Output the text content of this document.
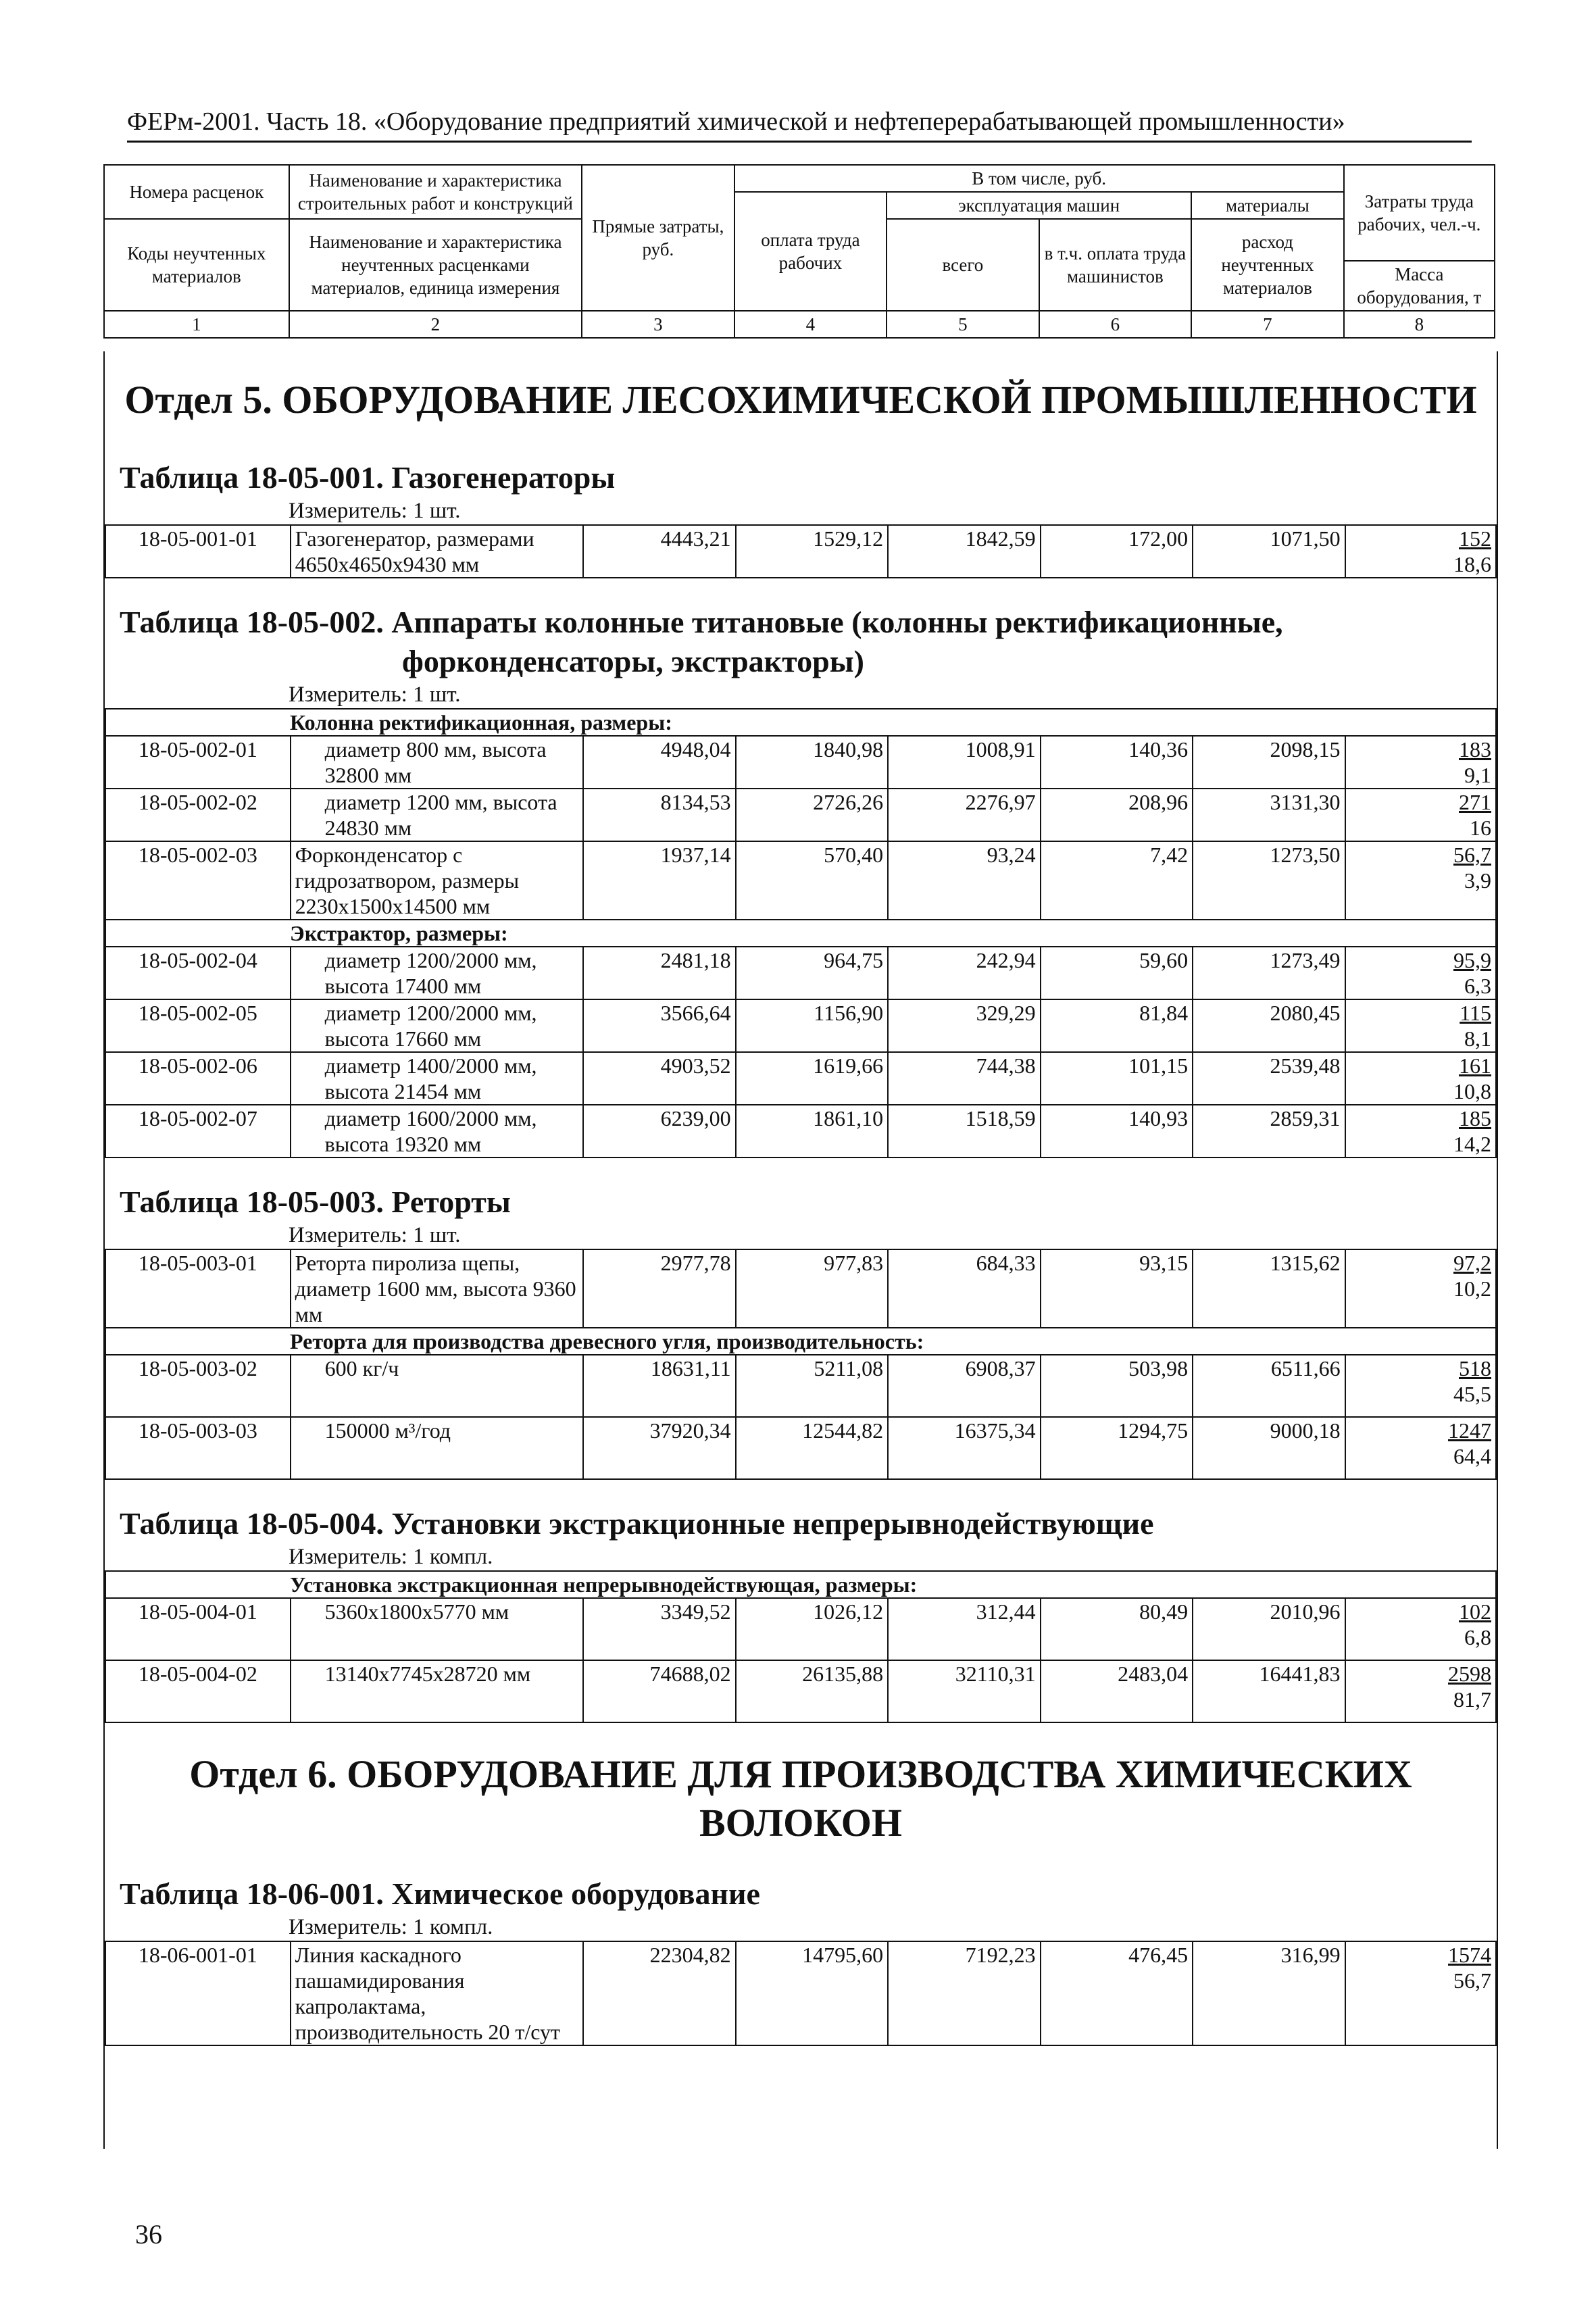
ФЕРм-2001. Часть 18. «Оборудование предприятий химической и нефтеперерабатывающей промышленности»
Номера расценок	Наименование и характеристика строительных работ и конструкций	Прямые затраты, руб.	В том числе, руб.				Затраты труда рабочих, чел.-ч.
			оплата труда рабочих	эксплуатация машин		материалы	
Коды неучтенных материалов	Наименование и характеристика неучтенных расценками материалов, единица измерения			всего	в т.ч. оплата труда машинистов	расход неучтенных материалов	
							Масса оборудования, т
1	2	3	4	5	6	7	8

Отдел 5. ОБОРУДОВАНИЕ ЛЕСОХИМИЧЕСКОЙ ПРОМЫШЛЕННОСТИ

Таблица 18-05-001. Газогенераторы

Измеритель: 1 шт.

18-05-001-01	Газогенератор, размерами 4650х4650х9430 мм	4443,21	1529,12	1842,59	172,00	1071,50	152
18,6

Таблица 18-05-002. Аппараты колонные титановые (колонны ректификационные,
форконденсаторы, экстракторы)

Измеритель: 1 шт.

Колонна ректификационная, размеры:							
18-05-002-01	диаметр 800 мм, высота 32800 мм	4948,04	1840,98	1008,91	140,36	2098,15	183
9,1

18-05-002-02	диаметр 1200 мм, высота 24830 мм	8134,53	2726,26	2276,97	208,96	3131,30	271
16

18-05-002-03	Форконденсатор с гидрозатвором, размеры 2230х1500х14500 мм	1937,14	570,40	93,24	7,42	1273,50	56,7
3,9

Экстрактор, размеры:							
18-05-002-04	диаметр 1200/2000 мм, высота 17400 мм	2481,18	964,75	242,94	59,60	1273,49	95,9
6,3

18-05-002-05	диаметр 1200/2000 мм, высота 17660 мм	3566,64	1156,90	329,29	81,84	2080,45	115
8,1

18-05-002-06	диаметр 1400/2000 мм, высота 21454 мм	4903,52	1619,66	744,38	101,15	2539,48	161
10,8

18-05-002-07	диаметр 1600/2000 мм, высота 19320 мм	6239,00	1861,10	1518,59	140,93	2859,31	185
14,2

Таблица 18-05-003. Реторты

Измеритель: 1 шт.

18-05-003-01	Реторта пиролиза щепы, диаметр 1600 мм, высота 9360 мм	2977,78	977,83	684,33	93,15	1315,62	97,2
10,2

Реторта для производства древесного угля, производительность:							
18-05-003-02	600 кг/ч	18631,11	5211,08	6908,37	503,98	6511,66	518
45,5

18-05-003-03	150000 м³/год	37920,34	12544,82	16375,34	1294,75	9000,18	1247
64,4

Таблица 18-05-004. Установки экстракционные непрерывнодействующие

Измеритель: 1 компл.

Установка экстракционная непрерывнодействующая, размеры:							
18-05-004-01	5360х1800х5770 мм	3349,52	1026,12	312,44	80,49	2010,96	102
6,8

18-05-004-02	13140х7745х28720 мм	74688,02	26135,88	32110,31	2483,04	16441,83	2598
81,7

Отдел 6. ОБОРУДОВАНИЕ ДЛЯ ПРОИЗВОДСТВА ХИМИЧЕСКИХ
ВОЛОКОН

Таблица 18-06-001. Химическое оборудование

Измеритель: 1 компл.

18-06-001-01	Линия каскадного пашамидирования капролактама, производительность 20 т/сут	22304,82	14795,60	7192,23	476,45	316,99	1574
56,7
36
